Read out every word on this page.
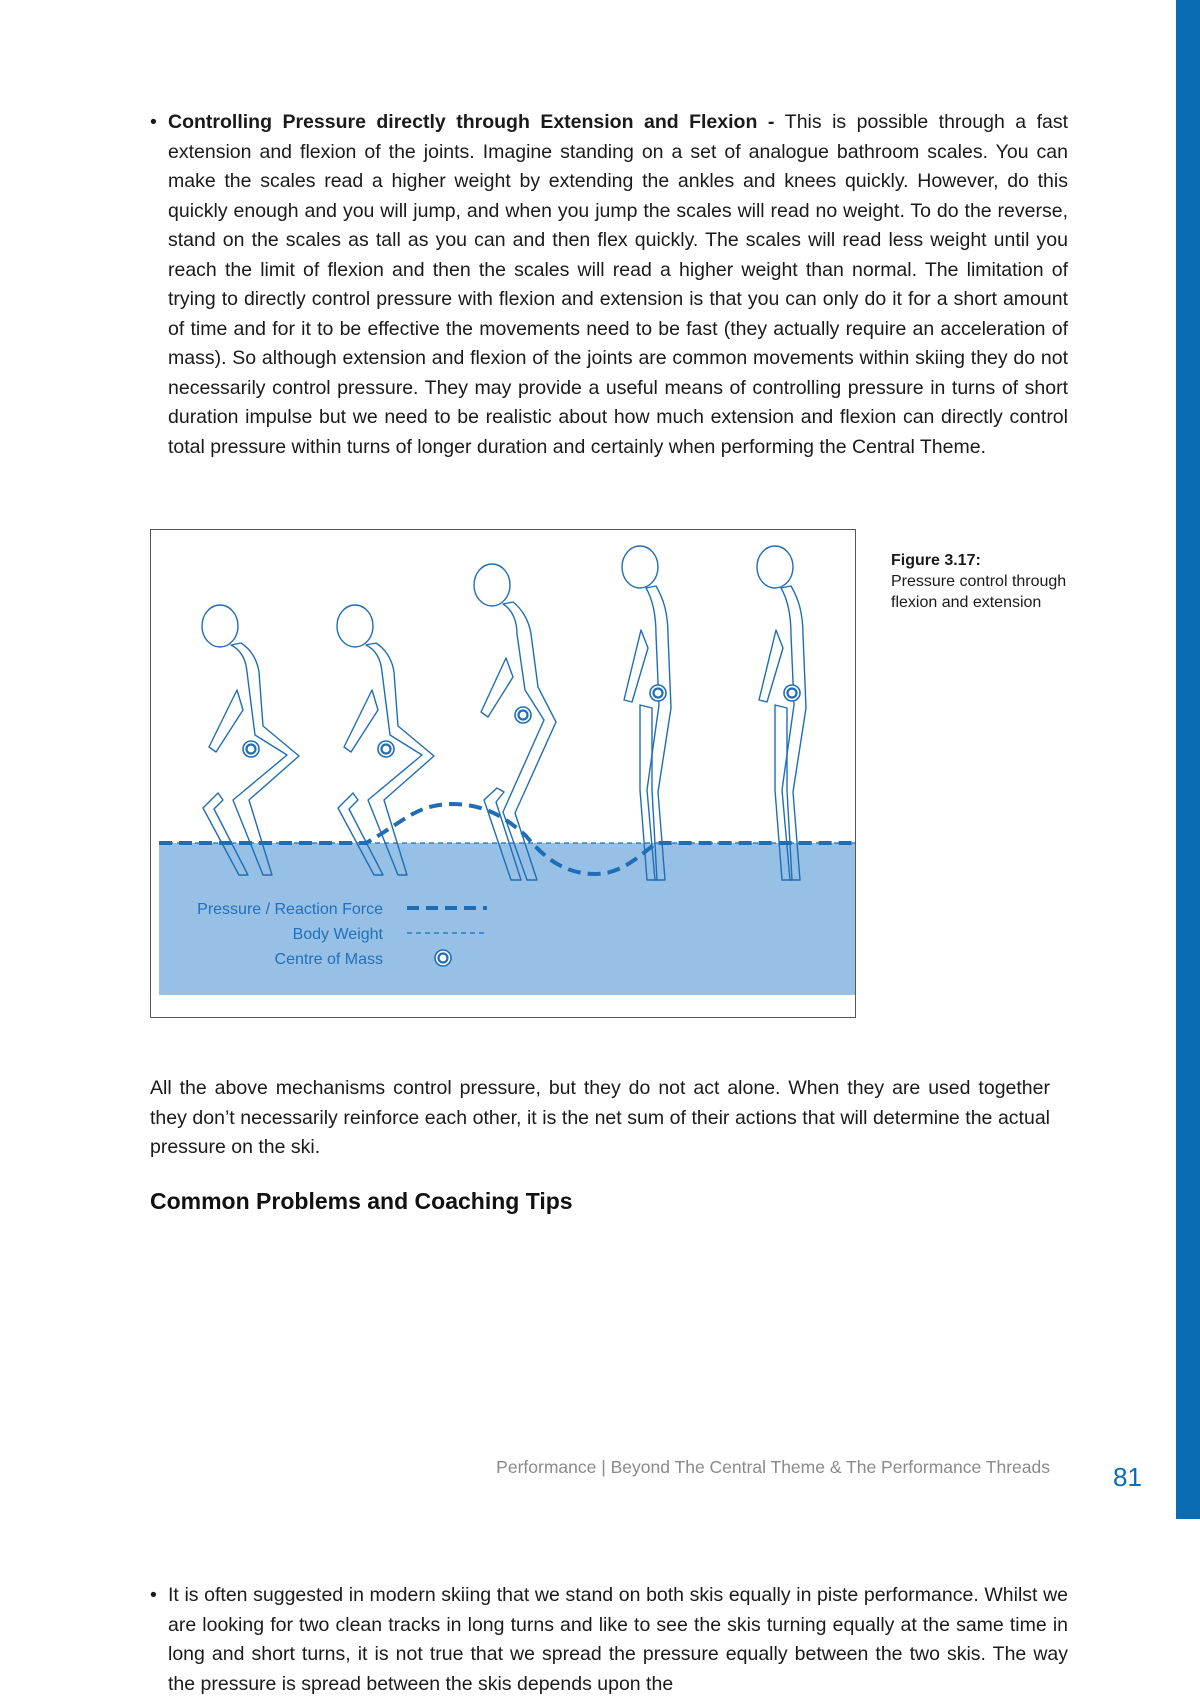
• Controlling Pressure directly through Extension and Flexion - This is possible through a fast extension and flexion of the joints. Imagine standing on a set of analogue bathroom scales. You can make the scales read a higher weight by extending the ankles and knees quickly. However, do this quickly enough and you will jump, and when you jump the scales will read no weight. To do the reverse, stand on the scales as tall as you can and then flex quickly. The scales will read less weight until you reach the limit of flexion and then the scales will read a higher weight than normal. The limitation of trying to directly control pressure with flexion and extension is that you can only do it for a short amount of time and for it to be effective the movements need to be fast (they actually require an acceleration of mass). So although extension and flexion of the joints are common movements within skiing they do not necessarily control pressure. They may provide a useful means of controlling pressure in turns of short duration impulse but we need to be realistic about how much extension and flexion can directly control total pressure within turns of longer duration and certainly when performing the Central Theme.
Pressure / Reaction Force
Body Weight
Centre of Mass
Figure 3.17:
Pressure control through flexion and extension
All the above mechanisms control pressure, but they do not act alone. When they are used together they don’t necessarily reinforce each other, it is the net sum of their actions that will determine the actual pressure on the ski.
Common Problems and Coaching Tips
• It is often suggested in modern skiing that we stand on both skis equally in piste performance. Whilst we are looking for two clean tracks in long turns and like to see the skis turning equally at the same time in long and short turns, it is not true that we spread the pressure equally between the two skis. The way the pressure is spread between the skis depends upon the
Performance | Beyond The Central Theme & The Performance Threads 81
